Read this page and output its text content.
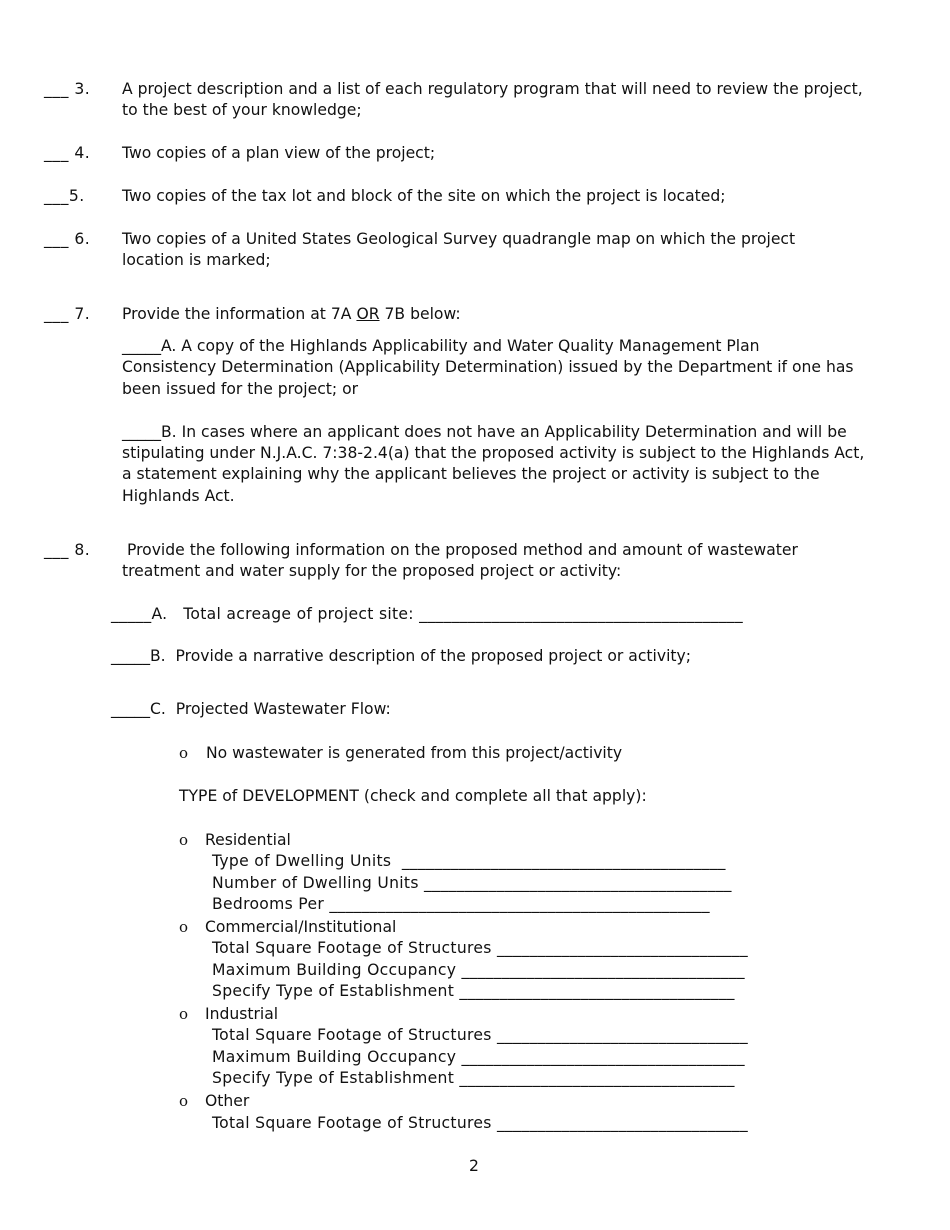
___ 3. A project description and a list of each regulatory program that will need to review the project,
to the best of your knowledge;
___ 4. Two copies of a plan view of the project;
___5. Two copies of the tax lot and block of the site on which the project is located;
___ 6. Two copies of a United States Geological Survey quadrangle map on which the project
location is marked;
___ 7. Provide the information at 7A OR 7B below:
_____A. A copy of the Highlands Applicability and Water Quality Management Plan
Consistency Determination (Applicability Determination) issued by the Department if one has
been issued for the project; or
_____B. In cases where an applicant does not have an Applicability Determination and will be
stipulating under N.J.A.C. 7:38-2.4(a) that the proposed activity is subject to the Highlands Act,
a statement explaining why the applicant believes the project or activity is subject to the
Highlands Act.
___ 8. Provide the following information on the proposed method and amount of wastewater
treatment and water supply for the proposed project or activity:
_____A.   Total acreage of project site: ________________________________________
_____B.  Provide a narrative description of the proposed project or activity;
_____C.  Projected Wastewater Flow:
o No wastewater is generated from this project/activity
TYPE of DEVELOPMENT (check and complete all that apply):
o Residential
Type of Dwelling Units  ________________________________________
Number of Dwelling Units ______________________________________
Bedrooms Per _______________________________________________
o Commercial/Institutional
Total Square Footage of Structures _______________________________
Maximum Building Occupancy ___________________________________
Specify Type of Establishment __________________________________
o Industrial
Total Square Footage of Structures _______________________________
Maximum Building Occupancy ___________________________________
Specify Type of Establishment __________________________________
o Other
Total Square Footage of Structures _______________________________
2
